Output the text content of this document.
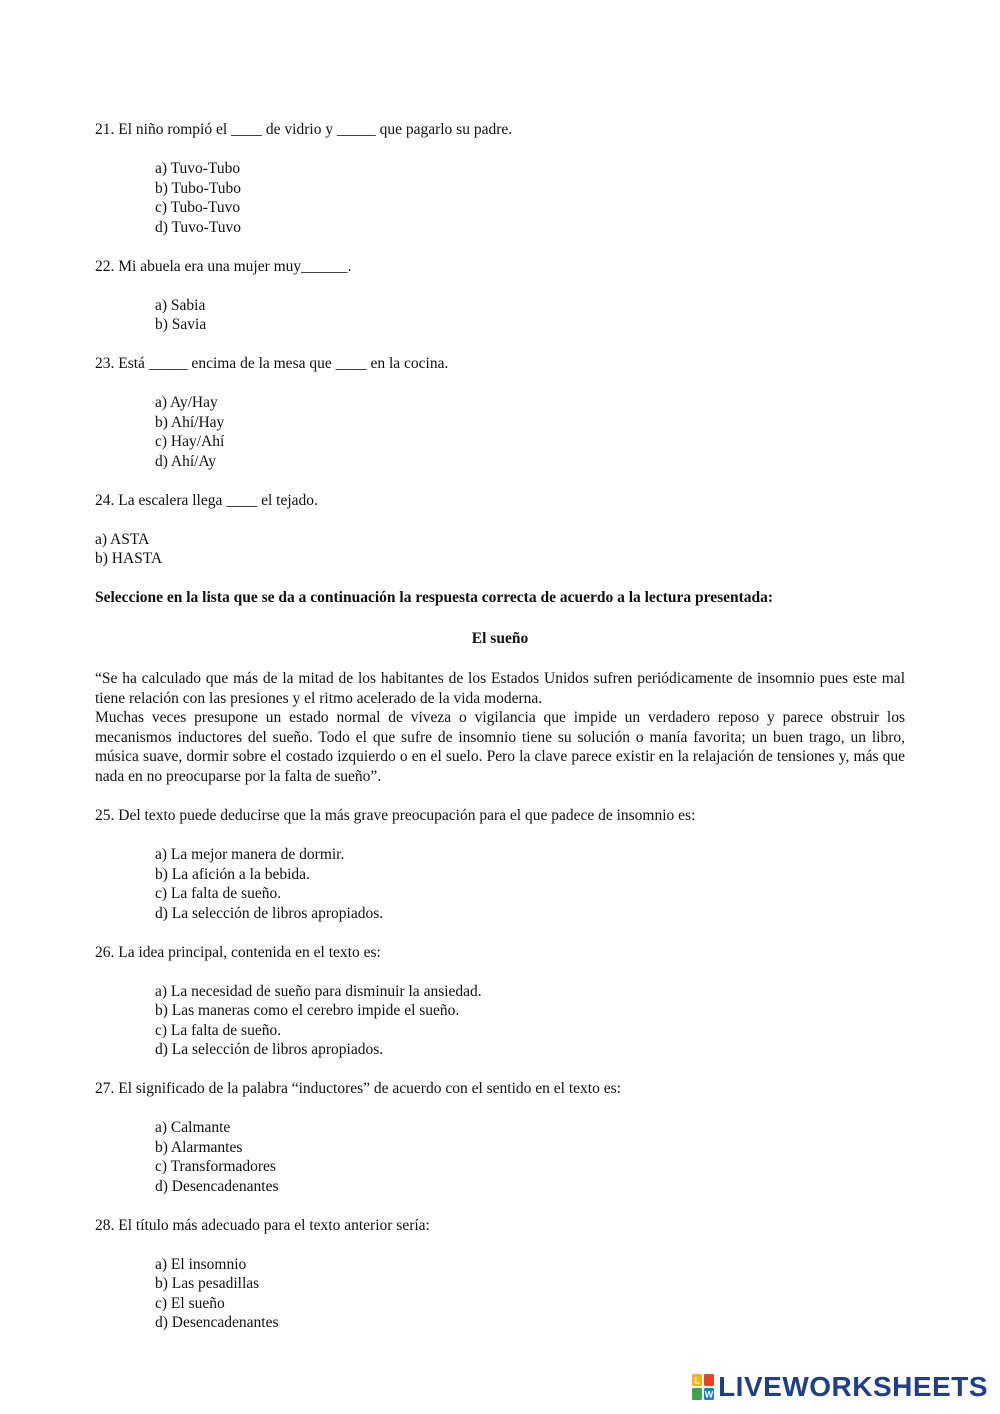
21. El niño rompió el ____ de vidrio y _____ que pagarlo su padre.

a) Tuvo-Tubo
b) Tubo-Tubo
c) Tubo-Tuvo
d) Tuvo-Tuvo

22. Mi abuela era una mujer muy______.

a) Sabia
b) Savia

23. Está _____ encima de la mesa que ____ en la cocina.

a) Ay/Hay
b) Ahí/Hay
c) Hay/Ahí
d) Ahí/Ay

24. La escalera llega ____ el tejado.

a) ASTA
b) HASTA

Seleccione en la lista que se da a continuación la respuesta correcta de acuerdo a la lectura presentada:

El sueño

“Se ha calculado que más de la mitad de los habitantes de los Estados Unidos sufren periódicamente de insomnio pues este mal tiene relación con las presiones y el ritmo acelerado de la vida moderna.

Muchas veces presupone un estado normal de viveza o vigilancia que impide un verdadero reposo y parece obstruir los mecanismos inductores del sueño. Todo el que sufre de insomnio tiene su solución o manía favorita; un buen trago, un libro, música suave, dormir sobre el costado izquierdo o en el suelo. Pero la clave parece existir en la relajación de tensiones y, más que nada en no preocuparse por la falta de sueño”.

25. Del texto puede deducirse que la más grave preocupación para el que padece de insomnio es:

a) La mejor manera de dormir.
b) La afición a la bebida.
c) La falta de sueño.
d) La selección de libros apropiados.

26. La idea principal, contenida en el texto es:

a) La necesidad de sueño para disminuir la ansiedad.
b) Las maneras como el cerebro impide el sueño.
c) La falta de sueño.
d) La selección de libros apropiados.

27. El significado de la palabra “inductores” de acuerdo con el sentido en el texto es:

a) Calmante
b) Alarmantes
c) Transformadores
d) Desencadenantes

28. El título más adecuado para el texto anterior sería:

a) El insomnio
b) Las pesadillas
c) El sueño
d) Desencadenantes
L
W LIVEWORKSHEETS
